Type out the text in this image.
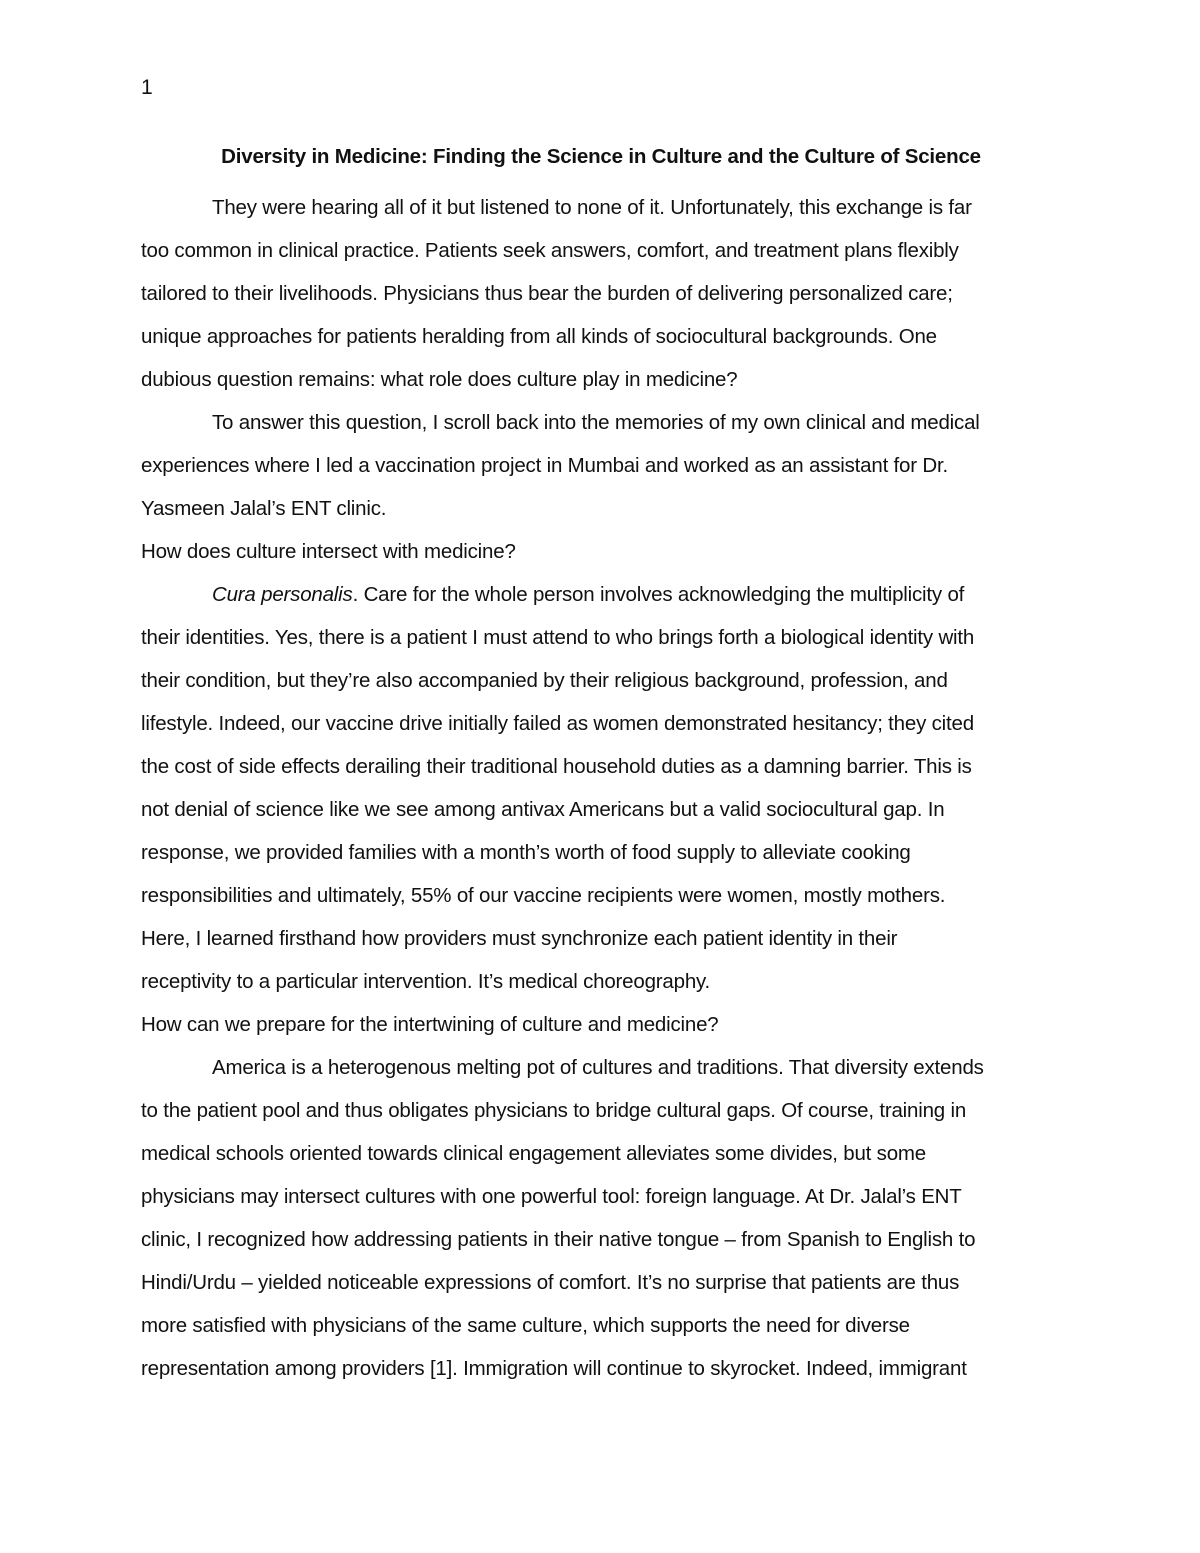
1
Diversity in Medicine: Finding the Science in Culture and the Culture of Science
They were hearing all of it but listened to none of it. Unfortunately, this exchange is far
too common in clinical practice. Patients seek answers, comfort, and treatment plans flexibly
tailored to their livelihoods. Physicians thus bear the burden of delivering personalized care;
unique approaches for patients heralding from all kinds of sociocultural backgrounds. One
dubious question remains: what role does culture play in medicine?
To answer this question, I scroll back into the memories of my own clinical and medical
experiences where I led a vaccination project in Mumbai and worked as an assistant for Dr.
Yasmeen Jalal’s ENT clinic.
How does culture intersect with medicine?
Cura personalis. Care for the whole person involves acknowledging the multiplicity of
their identities. Yes, there is a patient I must attend to who brings forth a biological identity with
their condition, but they’re also accompanied by their religious background, profession, and
lifestyle. Indeed, our vaccine drive initially failed as women demonstrated hesitancy; they cited
the cost of side effects derailing their traditional household duties as a damning barrier. This is
not denial of science like we see among antivax Americans but a valid sociocultural gap. In
response, we provided families with a month’s worth of food supply to alleviate cooking
responsibilities and ultimately, 55% of our vaccine recipients were women, mostly mothers.
Here, I learned firsthand how providers must synchronize each patient identity in their
receptivity to a particular intervention. It’s medical choreography.
How can we prepare for the intertwining of culture and medicine?
America is a heterogenous melting pot of cultures and traditions. That diversity extends
to the patient pool and thus obligates physicians to bridge cultural gaps. Of course, training in
medical schools oriented towards clinical engagement alleviates some divides, but some
physicians may intersect cultures with one powerful tool: foreign language. At Dr. Jalal’s ENT
clinic, I recognized how addressing patients in their native tongue – from Spanish to English to
Hindi/Urdu – yielded noticeable expressions of comfort. It’s no surprise that patients are thus
more satisfied with physicians of the same culture, which supports the need for diverse
representation among providers [1]. Immigration will continue to skyrocket. Indeed, immigrant
